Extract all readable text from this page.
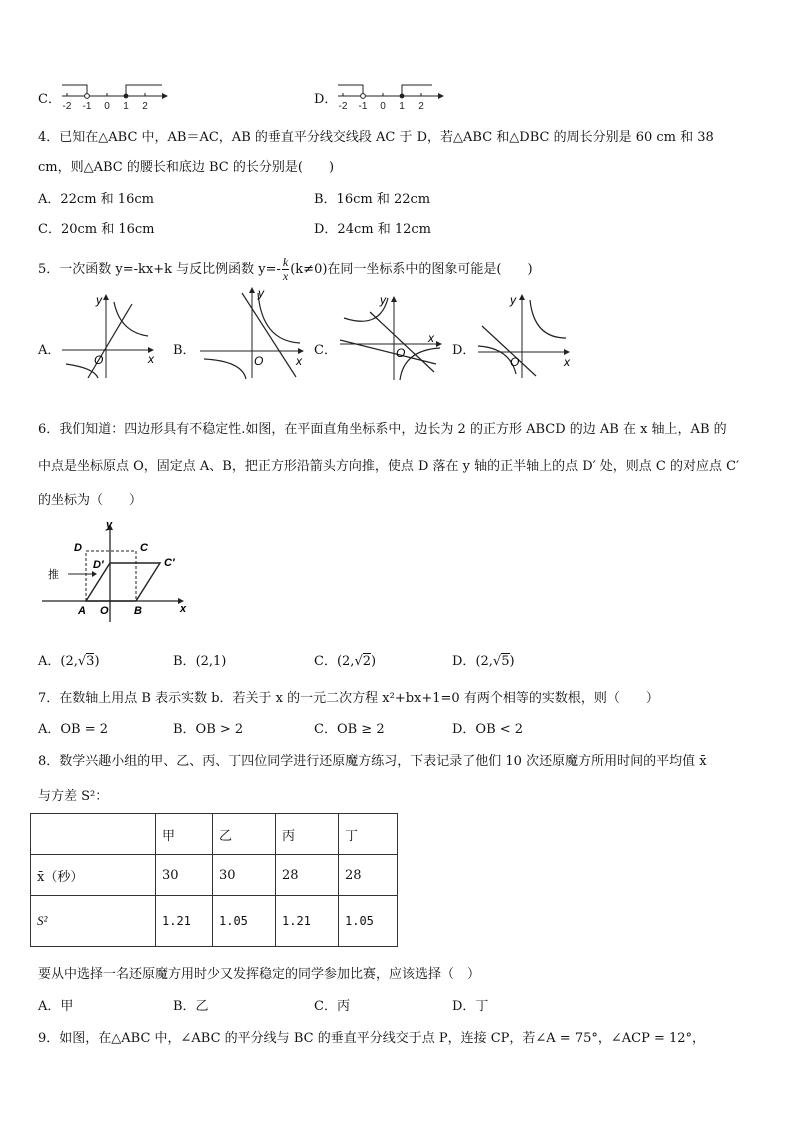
C． -2 -1 0 1 2	D． -2 -1 0 1 2
4．已知在△ABC 中，AB＝AC，AB 的垂直平分线交线段 AC 于 D，若△ABC 和△DBC 的周长分别是 60 cm 和 38
cm，则△ABC 的腰长和底边 BC 的长分别是(　　)
A．22cm 和 16cm	B．16cm 和 22cm
C．20cm 和 16cm	D．24cm 和 12cm
5．一次函数 y=-kx+k 与反比例函数 $y=- \frac{k}{x} (k\ne 0)$在同一坐标系中的图象可能是(　　)
A．
y
x
O
B．
y
x
O
C．
y
x
O	D．
y
x
O
6．我们知道：四边形具有不稳定性.如图，在平面直角坐标系中，边长为 2 的正方形 ABCD 的边 AB 在 x 轴上，AB 的
中点是坐标原点 O，固定点 A、B，把正方形沿箭头方向推，使点 D 落在 y 轴的正半轴上的点 D′ 处，则点 C 的对应点 C′
的坐标为（　　）
y
D	C
D′	C′
A O B	x
推
A．(2,√3)	B．(2,1)	C．(2,√2)	D．(2,√5)
7．在数轴上用点 B 表示实数 b．若关于 x 的一元二次方程 x²+bx+1=0 有两个相等的实数根，则（　　）
A．OB = 2	B．OB > 2	C．OB ≥ 2	D．OB < 2
8．数学兴趣小组的甲、乙、丙、丁四位同学进行还原魔方练习，下表记录了他们 10 次还原魔方所用时间的平均值 x̄
与方差 S²：
	甲	乙	丙	丁
x̄（秒）	30	30	28	28
S²	1.21	1.05	1.21	1.05
要从中选择一名还原魔方用时少又发挥稳定的同学参加比赛，应该选择（　）
A．甲	B．乙	C．丙	D．丁
9．如图，在△ABC 中，∠ABC 的平分线与 BC 的垂直平分线交于点 P，连接 CP，若∠A = 75°，∠ACP = 12°，
